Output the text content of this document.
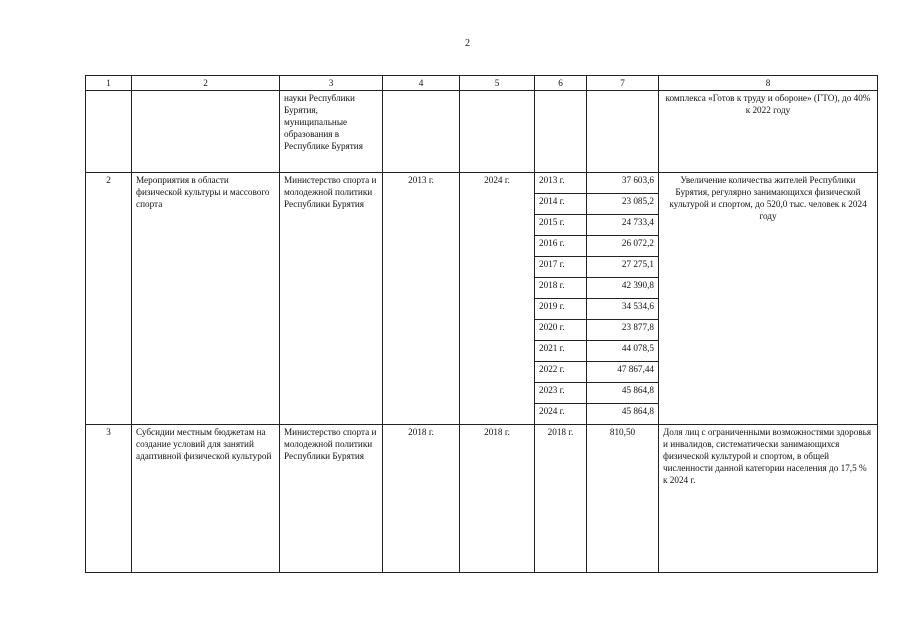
2
1	2	3	4	5	6	7	8
		науки Республики Бурятия, муниципальные образования в Республике Бурятия					комплекса «Готов к труду и обороне» (ГТО), до 40% к 2022 году
2	Мероприятия в области физической культуры и массового спорта	Министерство спорта и молодежной политики Республики Бурятия	2013 г.	2024 г.	2013 г.	37 603,6	Увеличение количества жителей Республики Бурятия, регулярно занимающихся физической культурой и спортом, до 520,0 тыс. человек к 2024 году
					2014 г.	23 085,2	
					2015 г.	24 733,4	
					2016 г.	26 072,2	
					2017 г.	27 275,1	
					2018 г.	42 390,8	
					2019 г.	34 534,6	
					2020 г.	23 877,8	
					2021 г.	44 078,5	
					2022 г.	47 867,44	
					2023 г.	45 864,8	
					2024 г.	45 864,8	
3	Субсидии местным бюджетам на создание условий для занятий адаптивной физической культурой	Министерство спорта и молодежной политики Республики Бурятия	2018 г.	2018 г.	2018 г.	810,50	Доля лиц с ограниченными возможностями здоровья и инвалидов, систематически занимающихся физической культурой и спортом, в общей численности данной категории населения до 17,5 % к 2024 г.
